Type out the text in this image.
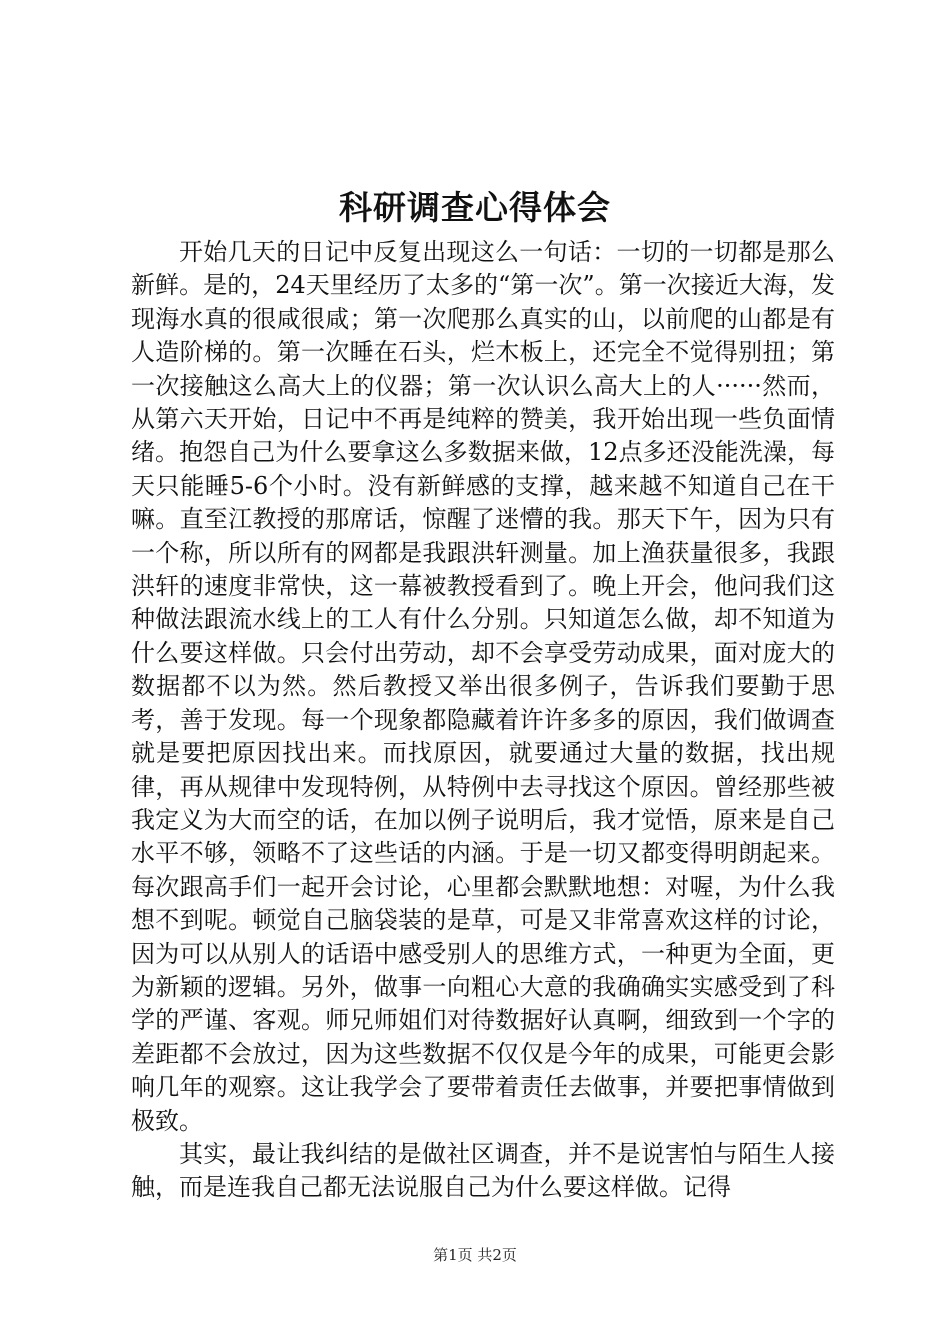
科研调查心得体会

开始几天的日记中反复出现这么一句话：一切的一切都是那么新鲜。是的，24天里经历了太多的“第一次”。第一次接近大海，发现海水真的很咸很咸；第一次爬那么真实的山，以前爬的山都是有人造阶梯的。第一次睡在石头，烂木板上，还完全不觉得别扭；第一次接触这么高大上的仪器；第一次认识么高大上的人······然而，从第六天开始，日记中不再是纯粹的赞美，我开始出现一些负面情绪。抱怨自己为什么要拿这么多数据来做，12点多还没能洗澡，每天只能睡5-6个小时。没有新鲜感的支撑，越来越不知道自己在干嘛。直至江教授的那席话，惊醒了迷懵的我。那天下午，因为只有一个称，所以所有的网都是我跟洪轩测量。加上渔获量很多，我跟洪轩的速度非常快，这一幕被教授看到了。晚上开会，他问我们这种做法跟流水线上的工人有什么分别。只知道怎么做，却不知道为什么要这样做。只会付出劳动，却不会享受劳动成果，面对庞大的数据都不以为然。然后教授又举出很多例子，告诉我们要勤于思考，善于发现。每一个现象都隐藏着许许多多的原因，我们做调查就是要把原因找出来。而找原因，就要通过大量的数据，找出规律，再从规律中发现特例，从特例中去寻找这个原因。曾经那些被我定义为大而空的话，在加以例子说明后，我才觉悟，原来是自己水平不够，领略不了这些话的内涵。于是一切又都变得明朗起来。每次跟高手们一起开会讨论，心里都会默默地想：对喔，为什么我想不到呢。顿觉自己脑袋装的是草，可是又非常喜欢这样的讨论，因为可以从别人的话语中感受别人的思维方式，一种更为全面，更为新颖的逻辑。另外，做事一向粗心大意的我确确实实感受到了科学的严谨、客观。师兄师姐们对待数据好认真啊，细致到一个字的差距都不会放过，因为这些数据不仅仅是今年的成果，可能更会影响几年的观察。这让我学会了要带着责任去做事，并要把事情做到极致。

其实，最让我纠结的是做社区调查，并不是说害怕与陌生人接触，而是连我自己都无法说服自己为什么要这样做。记得

第1页 共2页
